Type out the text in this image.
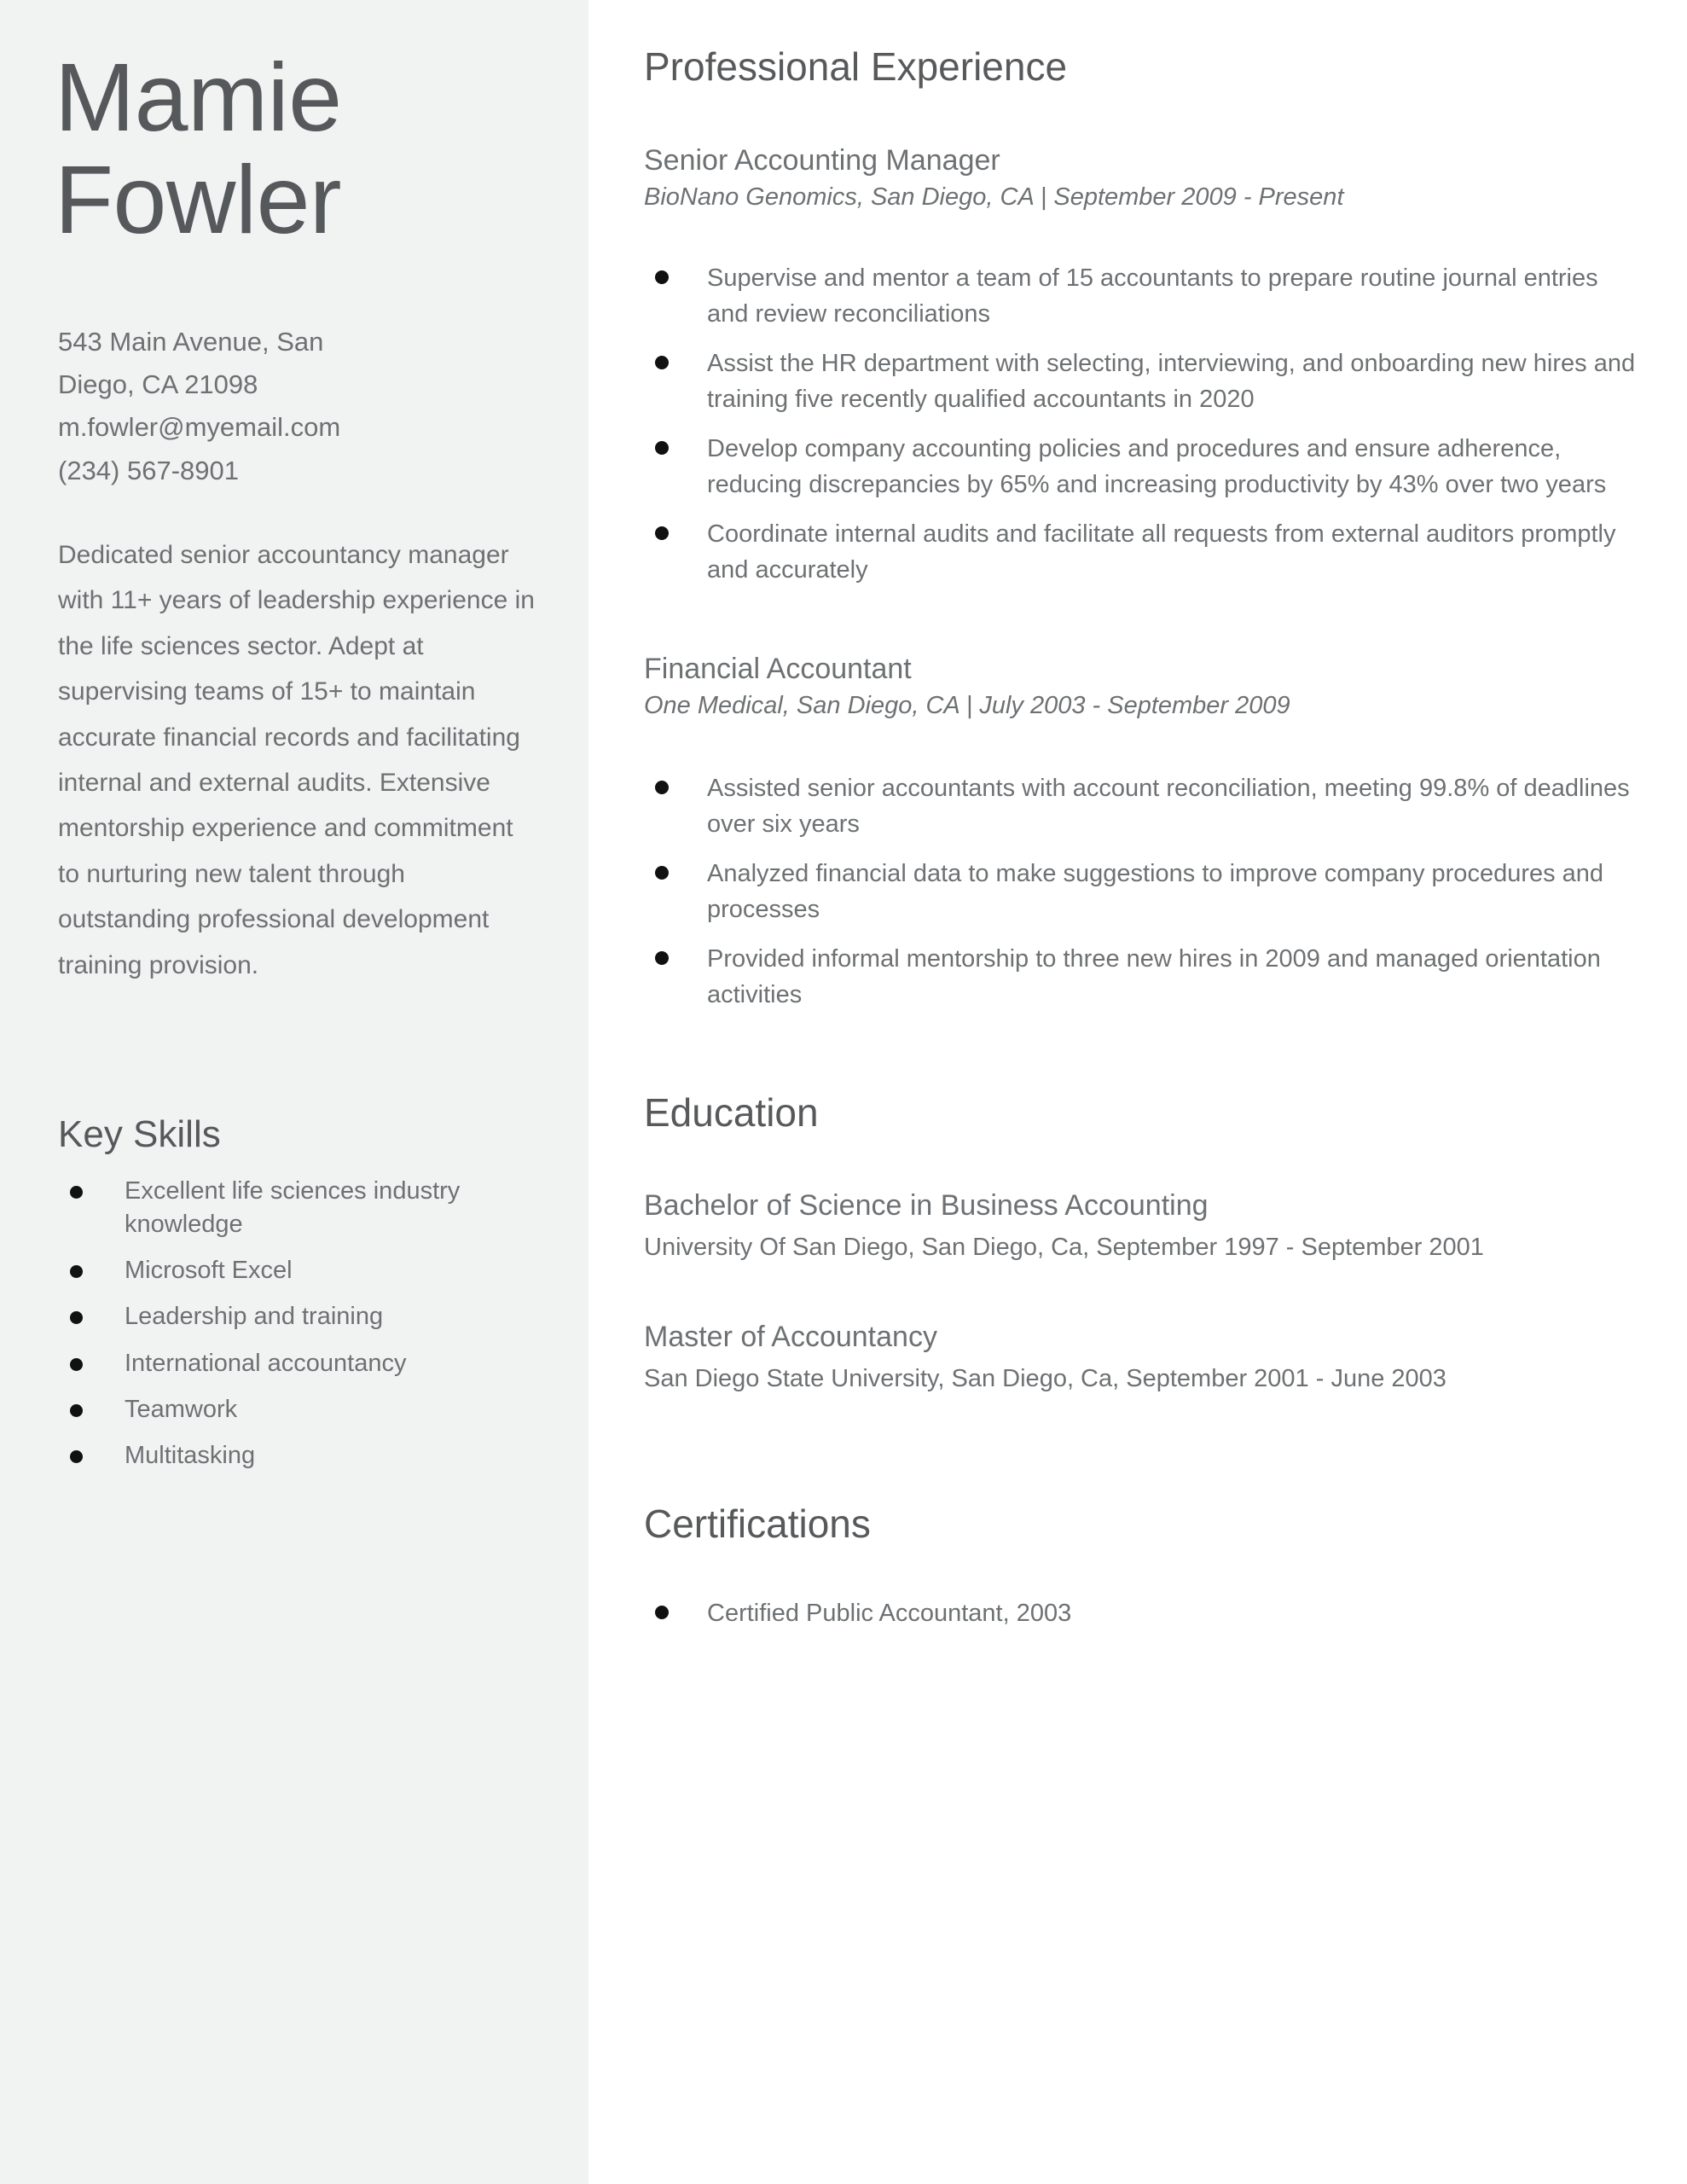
Mamie
Fowler
543 Main Avenue, San
Diego, CA 21098
m.fowler@myemail.com
(234) 567-8901
Dedicated senior accountancy manager with 11+ years of leadership experience in the life sciences sector. Adept at supervising teams of 15+ to maintain accurate financial records and facilitating internal and external audits. Extensive mentorship experience and commitment to nurturing new talent through outstanding professional development training provision.
Key Skills
Excellent life sciences industry knowledge
Microsoft Excel
Leadership and training
International accountancy
Teamwork
Multitasking
Professional Experience
Senior Accounting Manager

BioNano Genomics, San Diego, CA | September 2009 - Present

Supervise and mentor a team of 15 accountants to prepare routine journal entries and review reconciliations
Assist the HR department with selecting, interviewing, and onboarding new hires and training five recently qualified accountants in 2020
Develop company accounting policies and procedures and ensure adherence, reducing discrepancies by 65% and increasing productivity by 43% over two years
Coordinate internal audits and facilitate all requests from external auditors promptly and accurately
Financial Accountant

One Medical, San Diego, CA | July 2003 - September 2009

Assisted senior accountants with account reconciliation, meeting 99.8% of deadlines over six years
Analyzed financial data to make suggestions to improve company procedures and processes
Provided informal mentorship to three new hires in 2009 and managed orientation activities
Education
Bachelor of Science in Business Accounting

University Of San Diego, San Diego, Ca, September 1997 - September 2001

Master of Accountancy

San Diego State University, San Diego, Ca, September 2001 - June 2003

Certifications
Certified Public Accountant, 2003
